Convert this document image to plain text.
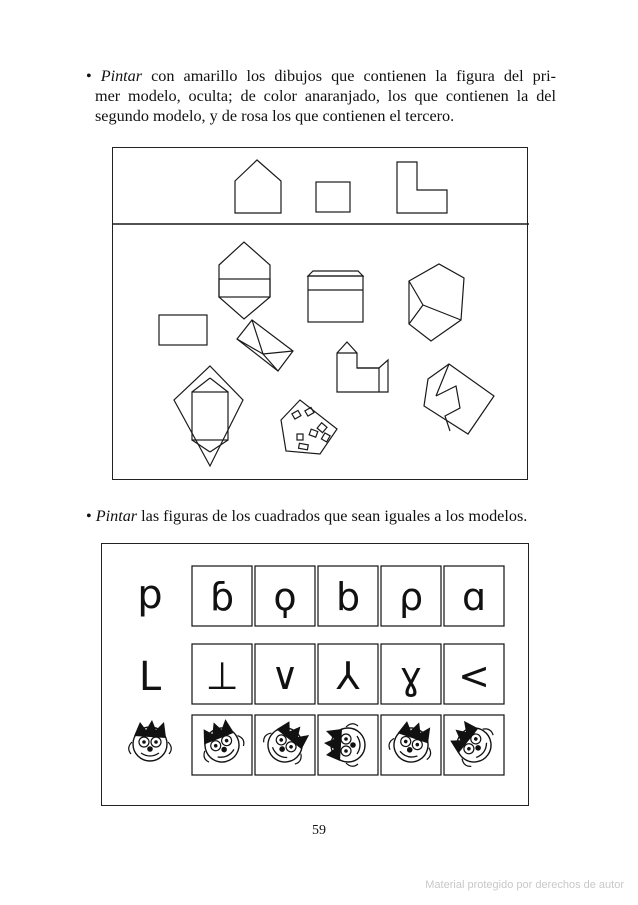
• Pintar con amarillo los dibujos que contienen la figura del pri-
mer modelo, oculta; de color anaranjado, los que contienen la del
segundo modelo, y de rosa los que contienen el tercero.
• Pintar las figuras de los cuadrados que sean iguales a los modelos.
p ɓ ϙ b ρ ɑ
L ⊥ ∨ ⅄ ɣ <
59
Material protegido por derechos de autor
